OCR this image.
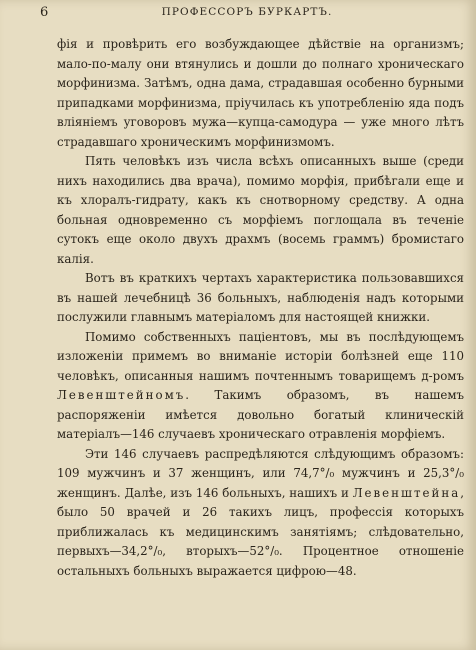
6	ПРОФЕССОРЪ БУРКАРТЪ.

фія и провѣрить его возбуждающее дѣйствіе на организмъ; мало-по-малу они втянулись и дошли до полнаго хроническаго морфинизма. Затѣмъ, одна дама, страдавшая особенно бурными припадками морфинизма, пріучилась къ употребленію яда подъ вліяніемъ уговоровъ мужа—купца-самодура — уже много лѣтъ страдавшаго хроническимъ морфинизмомъ.

Пять человѣкъ изъ числа всѣхъ описанныхъ выше (среди нихъ находились два врача), помимо морфія, прибѣгали еще и къ хлоралъ-гидрату, какъ къ снотворному средству. А одна больная одновременно съ морфіемъ поглощала въ теченіе сутокъ еще около двухъ драхмъ (восемь граммъ) бромистаго калія.

Вотъ въ краткихъ чертахъ характеристика пользовавшихся въ нашей лечебницѣ 36 больныхъ, наблюденія надъ которыми послужили главнымъ матеріаломъ для настоящей книжки.

Помимо собственныхъ паціентовъ, мы въ послѣдующемъ изложеніи примемъ во вниманіе исторіи болѣзней еще 110 человѣкъ, описанныя нашимъ почтеннымъ товарищемъ д-ромъ Левенштейномъ. Такимъ образомъ, въ нашемъ распоряженіи имѣется довольно богатый клиническій матеріалъ—146 случаевъ хроническаго отравленія морфіемъ.

Эти 146 случаевъ распредѣляются слѣдующимъ образомъ: 109 мужчинъ и 37 женщинъ, или 74,7°/₀ мужчинъ и 25,3°/₀ женщинъ. Далѣе, изъ 146 больныхъ, нашихъ и Левенштейна, было 50 врачей и 26 такихъ лицъ, профессія которыхъ приближалась къ медицинскимъ занятіямъ; слѣдовательно, первыхъ—34,2°/₀, вторыхъ—52°/₀. Процентное отношеніе остальныхъ больныхъ выражается цифрою—48.
